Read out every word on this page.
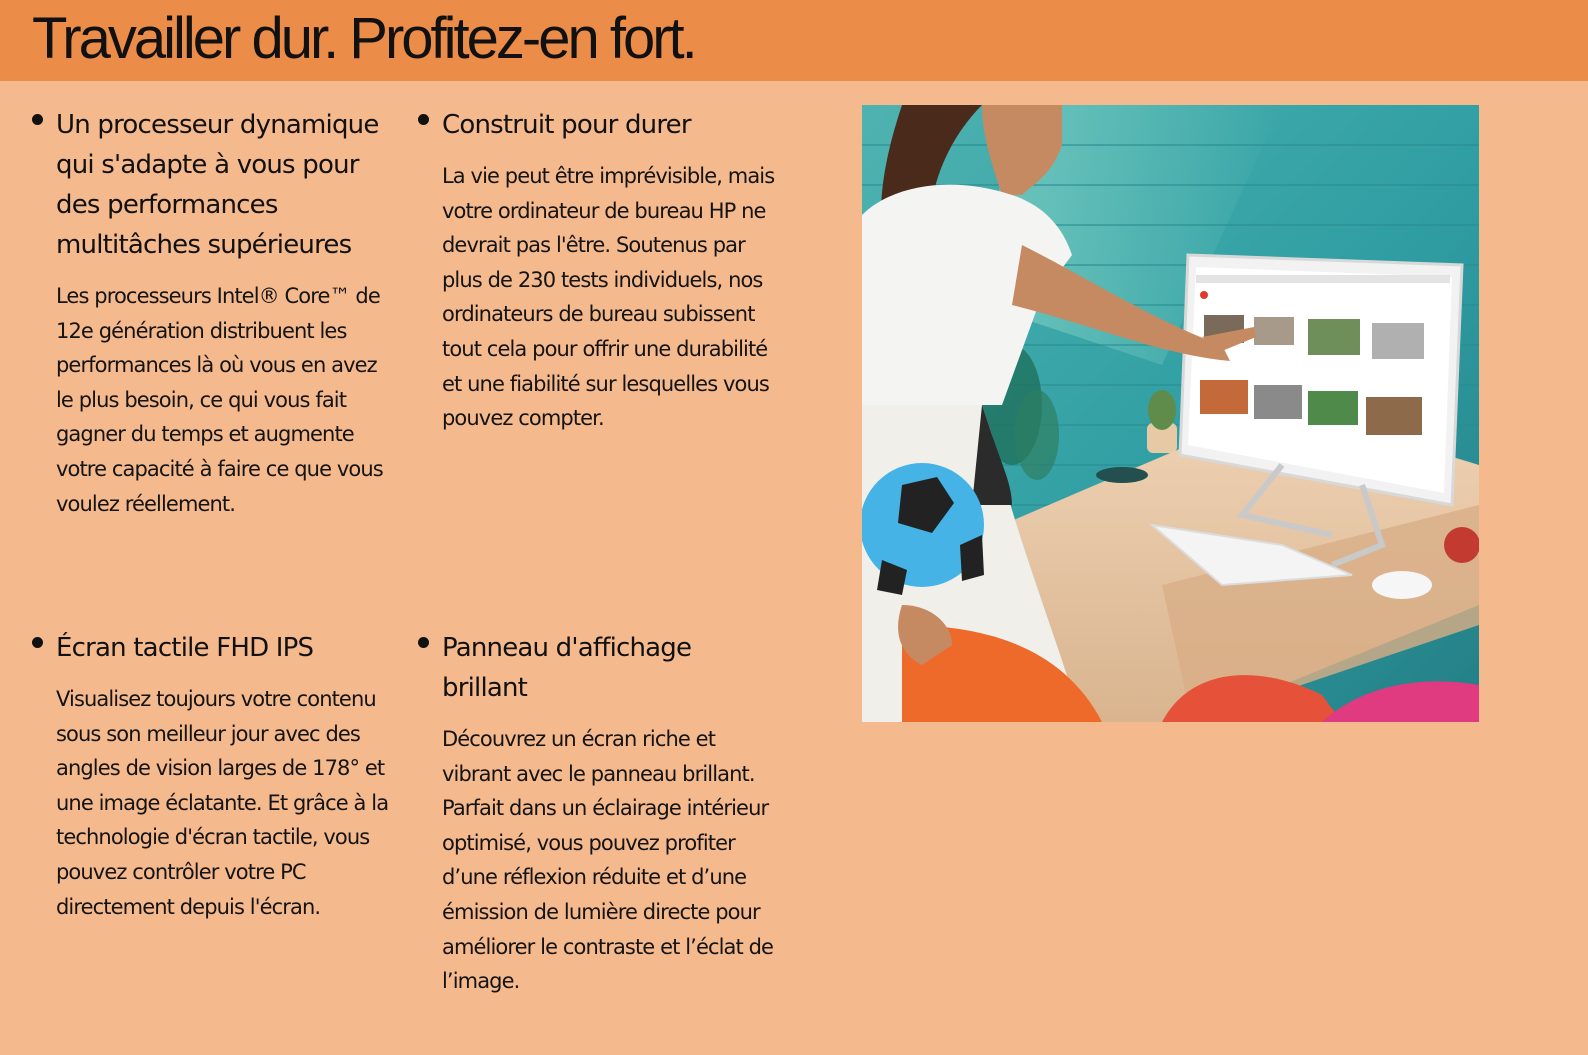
Travailler dur. Profitez-en fort.
Un processeur dynamique qui s'adapte à vous pour des performances multitâches supérieures

Les processeurs Intel® Core™ de 12e génération distribuent les performances là où vous en avez le plus besoin, ce qui vous fait gagner du temps et augmente votre capacité à faire ce que vous voulez réellement.

Construit pour durer

La vie peut être imprévisible, mais votre ordinateur de bureau HP ne devrait pas l'être. Soutenus par plus de 230 tests individuels, nos ordinateurs de bureau subissent tout cela pour offrir une durabilité et une fiabilité sur lesquelles vous pouvez compter.

Écran tactile FHD IPS

Visualisez toujours votre contenu sous son meilleur jour avec des angles de vision larges de 178° et une image éclatante. Et grâce à la technologie d'écran tactile, vous pouvez contrôler votre PC directement depuis l'écran.

Panneau d'affichage brillant

Découvrez un écran riche et vibrant avec le panneau brillant. Parfait dans un éclairage intérieur optimisé, vous pouvez profiter d’une réflexion réduite et d’une émission de lumière directe pour améliorer le contraste et l’éclat de l’image.
